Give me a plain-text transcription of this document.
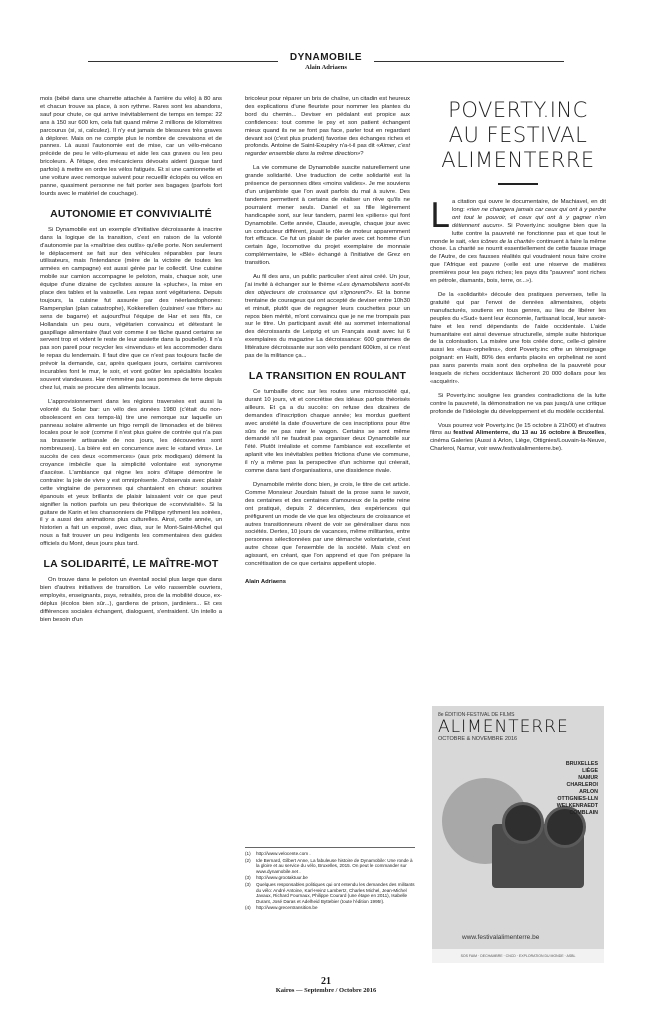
DYNAMOBILE
Alain Adriaens

mois (bébé dans une charrette attachée à l'arrière du vélo) à 80 ans et chacun trouve sa place, à son rythme. Rares sont les abandons, sauf pour chute, ce qui arrive inévitablement de temps en temps: 22 ans à 150 sur 600 km, cela fait quand même 2 millions de kilomètres parcourus (si, si, calculez). Il n'y eut jamais de blessures très graves à déplorer. Mais on ne compte plus le nombre de crevaisons et de pannes. Là aussi l'autonomie est de mise, car un vélo-mécano précède de peu le vélo-plumeau et aide les cas graves ou les peu bricoleurs. À l'étape, des mécaniciens dévoués aident (jusque tard parfois) à mettre en ordre les vélos fatigués. Et si une camionnette et une voiture avec remorque suivent pour recueillir éclopés ou vélos en panne, quasiment personne ne fait porter ses bagages (parfois fort lourds avec le matériel de couchage).

AUTONOMIE ET CONVIVIALITÉ

Si Dynamobile est un exemple d'initiative décroissante à inscrire dans la logique de la transition, c'est en raison de la volonté d'autonomie par la «maîtrise des outils» qu'elle porte. Non seulement le déplacement se fait sur des véhicules réparables par leurs utilisateurs, mais l'intendance (mère de la victoire de toutes les armées en campagne) est aussi gérée par le collectif. Une cuisine mobile sur camion accompagne le peloton, mais, chaque soir, une équipe d'une dizaine de cyclistes assure la «pluche», la mise en place des tables et la vaisselle. Les repas sont végétariens. Depuis toujours, la cuisine fut assurée par des néerlandophones: Rampenplan (plan catastrophe), Kokkerellen (cuisiner/ «se frîter» au sens de bagarre) et aujourd'hui l'équipe de Har et ses fils, ce Hollandais un peu ours, végétarien convaincu et détestant le gaspillage alimentaire (faut voir comme il se fâche quand certains se servent trop et vident le reste de leur assiette dans la poubelle). Il n'a pas son pareil pour recycler les «invendus» et les accommoder dans le repas du lendemain. Il faut dire que ce n'est pas toujours facile de prévoir la demande, car, après quelques jours, certains carnivores incurables font le mur, le soir, et vont goûter les spécialités locales souvent viandeuses. Har n'emmène pas ses pommes de terre depuis chez lui, mais se procure des aliments locaux.

L'approvisionnement dans les régions traversées est aussi la volonté du Solar bar: un vélo des années 1980 (c'était du non-obsolescent en ces temps-là) tire une remorque sur laquelle un panneau solaire alimente un frigo rempli de limonades et de bières locales pour le soir (comme il n'est plus guère de contrée qui n'a pas sa brasserie artisanale de nos jours, les découvertes sont nombreuses). La bière est en concurrence avec le «stand vins». Le succès de ces deux «commerces» (aux prix modiques) dément la croyance imbécile que la simplicité volontaire est synonyme d'ascèse. L'ambiance qui règne les soirs d'étape démontre le contraire: la joie de vivre y est omniprésente. J'observais avec plaisir cette vingtaine de personnes qui chantaient en chœur: sourires épanouis et yeux brillants de plaisir laissaient voir ce que peut signifier la notion parfois un peu théorique de «convivialité». Si la guitare de Karin et les chansonniers de Philippe rythment les soirées, il y a aussi des animations plus culturelles. Ainsi, cette année, un historien a fait un exposé, avec dias, sur le Mont-Saint-Michel qui nous a fait trouver un peu indigents les commentaires des guides officiels du Mont, deux jours plus tard.

LA SOLIDARITÉ, LE MAÎTRE-MOT

On trouve dans le peloton un éventail social plus large que dans bien d'autres initiatives de transition. Le vélo rassemble ouvriers, employés, enseignants, psys, retraités, pros de la mobilité douce, ex-déplus (écolos bien sûr...), gardiens de prison, jardiniers... Et ces différences sociales échangent, dialoguent, s'entraident. Un intello a bien besoin d'un

bricoleur pour réparer un bris de chaîne, un citadin est heureux des explications d'une fleuriste pour nommer les plantes du bord du chemin... Deviser en pédalant est propice aux confidences: tout comme le psy et son patient échangent mieux quand ils ne se font pas face, parler tout en regardant devant soi (c'est plus prudent) favorise des échanges riches et profonds. Antoine de Saint-Exupéry n'a-t-il pas dit «Aimer, c'est regarder ensemble dans la même direction»?

La vie commune de Dynamobile suscite naturellement une grande solidarité. Une traduction de cette solidarité est la présence de personnes dites «moins valides». Je me souviens d'un unijambiste que l'on avait parfois du mal à suivre. Des tandems permettent à certains de réaliser un rêve qu'ils ne pourraient mener seuls. Daniel et sa fille légèrement handicapée sont, sur leur tandem, parmi les «piliers» qui font Dynamobile. Cette année, Claude, aveugle, chaque jour avec un conducteur différent, jouait le rôle de moteur apparemment fort efficace. Ce fut un plaisir de parler avec cet homme d'un certain âge, locomotive du projet exemplaire de monnaie complémentaire, le «Blé» échangé à l'initiative de Grez en transition.

Au fil des ans, un public particulier s'est ainsi créé. Un jour, j'ai invité à échanger sur le thème «Les dynamobiliens sont-ils des objecteurs de croissance qui s'ignorent?». Et la bonne trentaine de courageux qui ont accepté de deviser entre 10h30 et minuit, plutôt que de regagner leurs couchettes pour un repos bien mérité, m'ont convaincu que je ne me trompais pas sur le titre. Un participant avait été au sommet international des décroissants de Leipzig et un Français avait avec lui 6 exemplaires du magazine La décroissance: 600 grammes de littérature décroissante sur son vélo pendant 600km, si ce n'est pas de la militance ça...

LA TRANSITION EN ROULANT

Ce tumbaille donc sur les routes une microsociété qui, durant 10 jours, vit et concrétise des idéaux parfois théorisés ailleurs. Et ça a du succès: on refuse des dizaines de demandes d'inscription chaque année; les mordus guettent avec anxiété la date d'ouverture de ces inscriptions pour être sûrs de ne pas rater le wagon. Certains se sont même demandé s'il ne faudrait pas organiser deux Dynamobile sur l'été. Plutôt irréaliste et comme l'ambiance est excellente et aplanit vite les inévitables petites frictions d'une vie commune, il n'y a même pas la perspective d'un schisme qui créerait, comme dans tant d'organisations, une dissidence rivale.

Dynamobile mérite donc bien, je crois, le titre de cet article. Comme Monsieur Jourdain faisait de la prose sans le savoir, des centaines et des centaines d'amoureux de la petite reine ont pratiqué, depuis 2 décennies, des expériences qui préfigurent un mode de vie que les objecteurs de croissance et autres transitionneurs rêvent de voir se généraliser dans nos sociétés. Dertes, 10 jours de vacances, même militantes, entre personnes sélectionnées par une démarche volontariste, c'est autre chose que l'ensemble de la société. Mais c'est en agissant, en créant, que l'on apprend et que l'on prépare la concrétisation de ce que certains appellent utopie.

Alain Adriaens
(1)	http://www.velocente.com .
(2)	Ide Bernard, Gilbert Anne, La fabuleuse histoire de Dynamobile: Une ronde à la gloire et au service du vélo, Bruxelles, 2015. On peut le commander sur www.dynamobile.net .
(3)	http://www.grootaktuur.be
(3)	Quelques responsables politiques qui ont entendu les demandes des militants du vélo: André Antoine, Karl-Heinz Lambertz, Charles Michel, Jean-Michel Javaux, Richard Fournaux, Philippe Courard (une étape en 2011), Isabelle Durant, José Daras et Adelheid Byttebier (toute l'édition 1995!).
(4)	http://www.grecentransition.be
POVERTY.INC
AU FESTIVAL
ALIMENTERRE

La citation qui ouvre le documentaire, de Machiavel, en dit long: «rien ne changera jamais car ceux qui ont à y perdre ont tout le pouvoir, et ceux qui ont à y gagner n'en détiennent aucun». Si Poverty.inc souligne bien que la lutte contre la pauvreté ne fonctionne pas et que tout le monde le sait, «les icônes de la charité» continuent à faire la même chose. La charité se nourrit essentiellement de cette fausse image de l'Autre, de ces fausses réalités qui voudraient nous faire croire que l'Afrique est pauvre («elle est une réserve de matières premières pour les pays riches; les pays dits "pauvres" sont riches en pétrole, diamants, bois, terre, or...»).

De la «solidarité» découle des pratiques perverses, telle la gratuité qui par l'envoi de denrées alimentaires, objets manufacturés, soutiens en tous genres, au lieu de libérer les peuples du «Sud» tuent leur économie, l'artisanat local, leur savoir-faire et les rend dépendants de l'aide occidentale. L'aide humanitaire est ainsi devenue structurelle, simple suite historique de la colonisation. La misère une fois créée donc, celle-ci génère aussi les «faux-orphelins», dont Poverty.inc offre un témoignage poignant: en Haïti, 80% des enfants placés en orphelinat ne sont pas sans parents mais sont des orphelins de la pauvreté pour lesquels de riches occidentaux lâcheront 20 000 dollars pour les «acquérir».

Si Poverty.inc souligne les grandes contradictions de la lutte contre la pauvreté, la démonstration ne va pas jusqu'à une critique profonde de l'idéologie du développement et du modèle occidental.

Vous pourrez voir Poverty.inc (le 15 octobre à 21h00) et d'autres films au festival Alimenterre, du 13 au 16 octobre à Bruxelles, cinéma Galeries (Aussi à Arlon, Liège, Ottignies/Louvain-la-Neuve, Charleroi, Namur, voir www.festivalalimenterre.be).

8e ÉDITION·FESTIVAL DE FILMS
ALIMENTERRE
OCTOBRE & NOVEMBRE 2016
BRUXELLES
LIÈGE
NAMUR
CHARLEROI
ARLON
OTTIGNIES-LLN
WELKENRAEDT
COMBLAIN
www.festivalalimenterre.be
SOS FAIM · DECHAMBRE · CNCD · EXPLORATION DU MONDE · ASBL
21
Kairos — Septembre / Octobre 2016
